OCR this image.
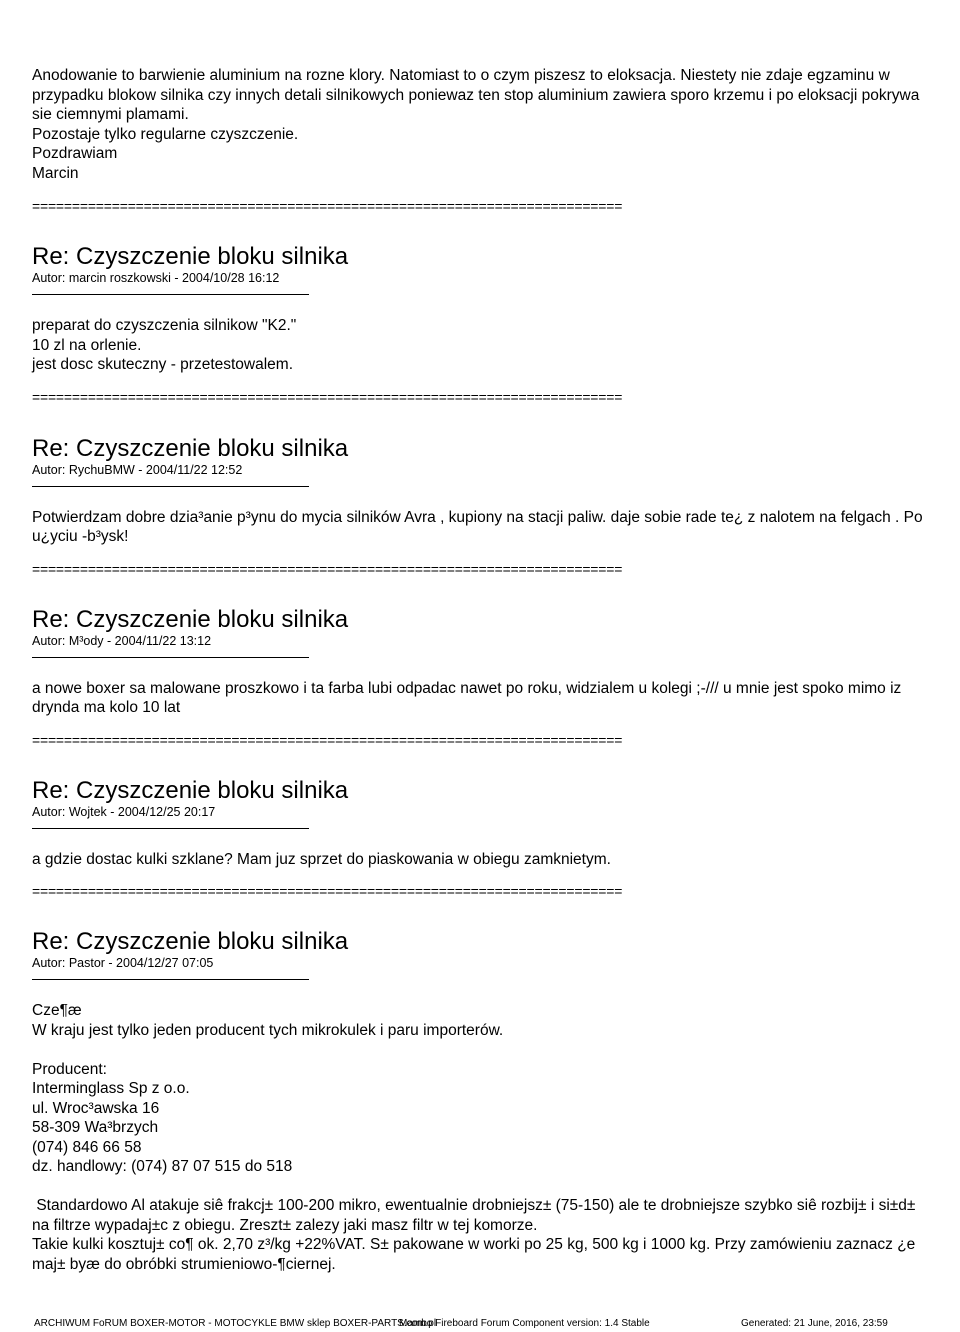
Anodowanie to barwienie aluminium na rozne klory. Natomiast to o czym piszesz to eloksacja. Niestety nie zdaje egzaminu w przypadku blokow silnika czy innych detali silnikowych poniewaz ten stop aluminium zawiera sporo krzemu i po eloksacji pokrywa sie ciemnymi plamami.

Pozostaje tylko regularne czyszczenie.

Pozdrawiam

Marcin

==========================================================================

Re: Czyszczenie bloku silnika

Autor: marcin roszkowski - 2004/10/28 16:12

preparat do czyszczenia silnikow "K2."

10 zl na orlenie.

jest dosc skuteczny - przetestowalem.

==========================================================================

Re: Czyszczenie bloku silnika

Autor: RychuBMW - 2004/11/22 12:52

Potwierdzam dobre dzia³anie p³ynu do mycia silników Avra , kupiony na stacji paliw. daje sobie rade te¿ z nalotem na felgach . Po u¿yciu -b³ysk!

==========================================================================

Re: Czyszczenie bloku silnika

Autor: M³ody - 2004/11/22 13:12

a nowe boxer sa malowane proszkowo i ta farba lubi odpadac nawet po roku, widzialem u kolegi ;-/// u mnie jest spoko mimo iz drynda ma kolo 10 lat

==========================================================================

Re: Czyszczenie bloku silnika

Autor: Wojtek - 2004/12/25 20:17

a gdzie dostac kulki szklane? Mam juz sprzet do piaskowania w obiegu zamknietym.

==========================================================================

Re: Czyszczenie bloku silnika

Autor: Pastor - 2004/12/27 07:05

Cze¶æ

W kraju jest tylko jeden producent tych mikrokulek i paru importerów.

Producent:

Interminglass Sp z o.o.

ul. Wroc³awska 16

58-309 Wa³brzych

(074) 846 66 58

dz. handlowy: (074) 87 07 515 do 518

Standardowo Al atakuje siê frakcj± 100-200 mikro, ewentualnie drobniejsz± (75-150) ale te drobniejsze szybko siê rozbij± i si±d± na filtrze wypadaj±c z obiegu. Zreszt± zalezy jaki masz filtr w tej komorze.

Takie kulki kosztuj± co¶ ok. 2,70 z³/kg +22%VAT. S± pakowane w worki po 25 kg, 500 kg i 1000 kg. Przy zamówieniu zaznacz ¿e maj± byæ do obróbki strumieniowo-¶ciernej.

ARCHIWUM FoRUM BOXER-MOTOR - MOTOCYKLE BMW sklep BOXER-PARTS.com.pl
Mambo Fireboard Forum Component version: 1.4 Stable	Generated: 21 June, 2016, 23:59
